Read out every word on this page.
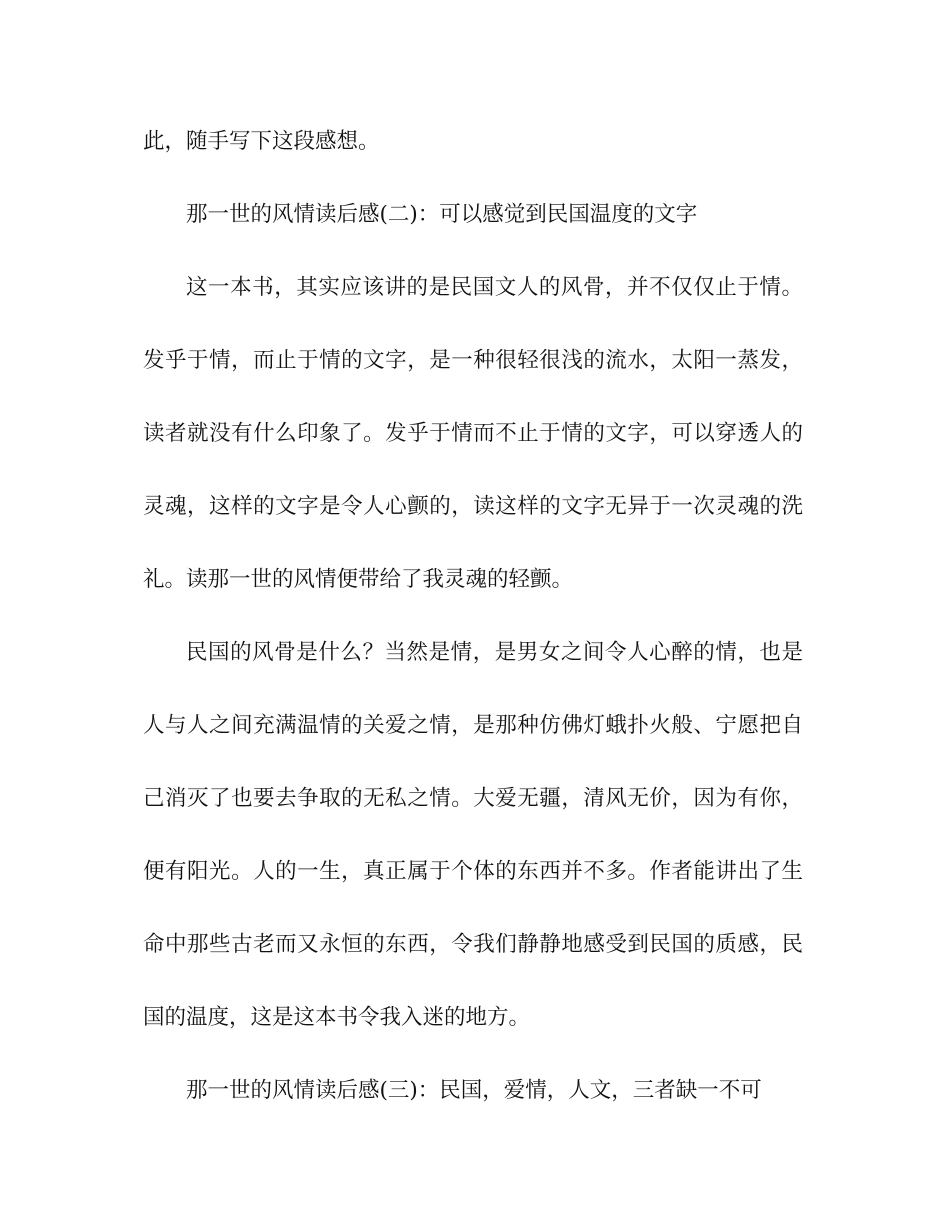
此，随手写下这段感想。

那一世的风情读后感(二)：可以感觉到民国温度的文字

这一本书，其实应该讲的是民国文人的风骨，并不仅仅止于情。

发乎于情，而止于情的文字，是一种很轻很浅的流水，太阳一蒸发，

读者就没有什么印象了。发乎于情而不止于情的文字，可以穿透人的

灵魂，这样的文字是令人心颤的，读这样的文字无异于一次灵魂的洗

礼。读那一世的风情便带给了我灵魂的轻颤。

民国的风骨是什么？当然是情，是男女之间令人心醉的情，也是

人与人之间充满温情的关爱之情，是那种仿佛灯蛾扑火般、宁愿把自

己消灭了也要去争取的无私之情。大爱无疆，清风无价，因为有你，

便有阳光。人的一生，真正属于个体的东西并不多。作者能讲出了生

命中那些古老而又永恒的东西，令我们静静地感受到民国的质感，民

国的温度，这是这本书令我入迷的地方。

那一世的风情读后感(三)：民国，爱情，人文，三者缺一不可
